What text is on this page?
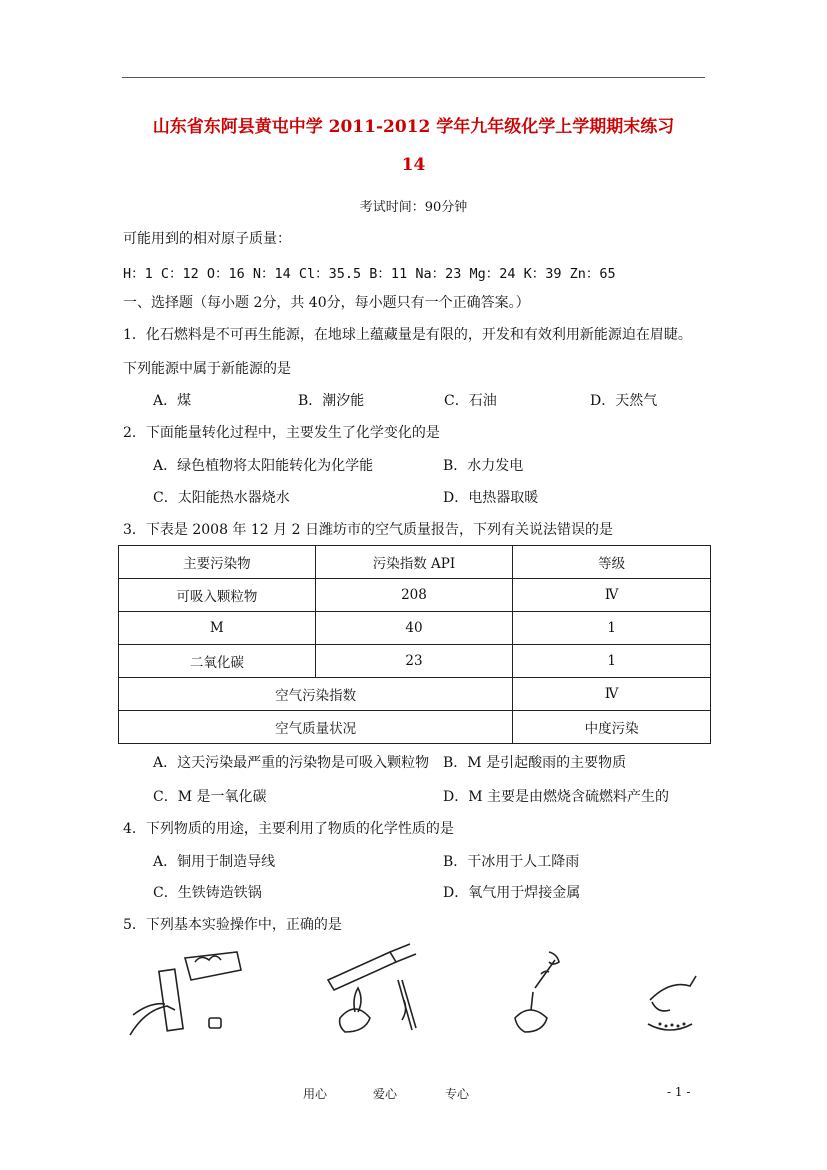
山东省东阿县黄屯中学 2011-2012 学年九年级化学上学期期末练习
14
考试时间：90分钟
可能用到的相对原子质量：
H：1 C：12 O：16 N：14 Cl：35.5 B：11 Na：23 Mg：24 K：39 Zn：65
一、选择题（每小题 2分，共 40分，每小题只有一个正确答案。）
1．化石燃料是不可再生能源，在地球上蕴藏量是有限的，开发和有效利用新能源迫在眉睫。
下列能源中属于新能源的是
A．煤	B．潮汐能	C．石油	D．天然气
2．下面能量转化过程中，主要发生了化学变化的是
A．绿色植物将太阳能转化为化学能	B．水力发电
C．太阳能热水器烧水	D．电热器取暖
3．下表是 2008 年 12 月 2 日潍坊市的空气质量报告，下列有关说法错误的是
主要污染物	污染指数 API	等级
可吸入颗粒物	208	Ⅳ
M	40	1
二氧化碳	23	1
空气污染指数		Ⅳ
空气质量状况		中度污染
A．这天污染最严重的污染物是可吸入颗粒物 B．M 是引起酸雨的主要物质
C．M 是一氧化碳	D．M 主要是由燃烧含硫燃料产生的
4．下列物质的用途，主要利用了物质的化学性质的是
A．铜用于制造导线	B．干冰用于人工降雨
C．生铁铸造铁锅	D．氧气用于焊接金属
5．下列基本实验操作中，正确的是
用心	爱心	专心	- 1 -
